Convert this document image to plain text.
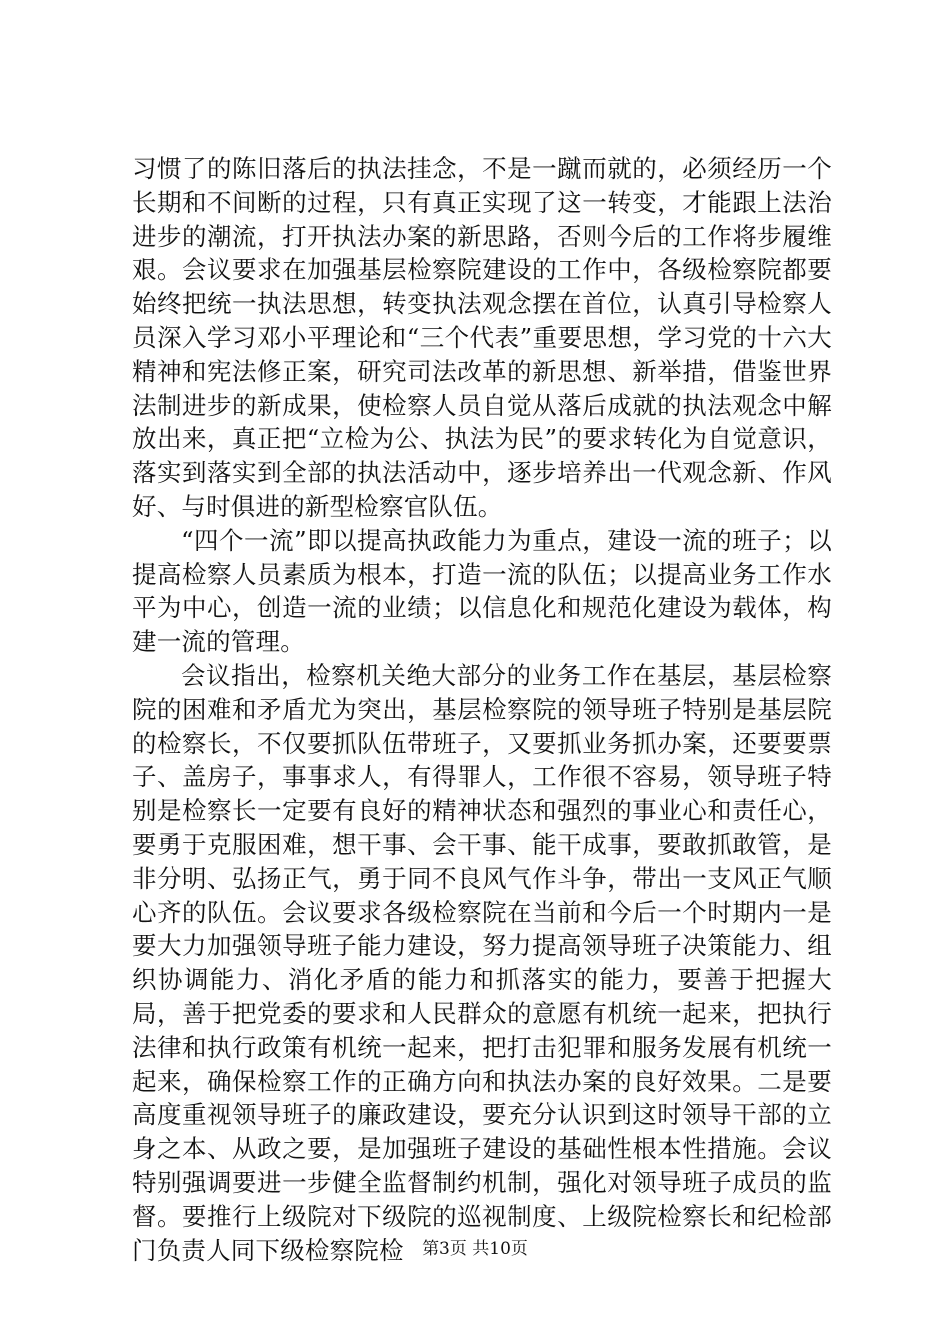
习惯了的陈旧落后的执法挂念，不是一蹴而就的，必须经历一个长期和不间断的过程，只有真正实现了这一转变，才能跟上法治进步的潮流，打开执法办案的新思路，否则今后的工作将步履维艰。会议要求在加强基层检察院建设的工作中，各级检察院都要始终把统一执法思想，转变执法观念摆在首位，认真引导检察人员深入学习邓小平理论和“三个代表”重要思想，学习党的十六大精神和宪法修正案，研究司法改革的新思想、新举措，借鉴世界法制进步的新成果，使检察人员自觉从落后成就的执法观念中解放出来，真正把“立检为公、执法为民”的要求转化为自觉意识，落实到落实到全部的执法活动中，逐步培养出一代观念新、作风好、与时俱进的新型检察官队伍。

“四个一流”即以提高执政能力为重点，建设一流的班子；以提高检察人员素质为根本，打造一流的队伍；以提高业务工作水平为中心，创造一流的业绩；以信息化和规范化建设为载体，构建一流的管理。

会议指出，检察机关绝大部分的业务工作在基层，基层检察院的困难和矛盾尤为突出，基层检察院的领导班子特别是基层院的检察长，不仅要抓队伍带班子，又要抓业务抓办案，还要要票子、盖房子，事事求人，有得罪人，工作很不容易，领导班子特别是检察长一定要有良好的精神状态和强烈的事业心和责任心，要勇于克服困难，想干事、会干事、能干成事，要敢抓敢管，是非分明、弘扬正气，勇于同不良风气作斗争，带出一支风正气顺心齐的队伍。会议要求各级检察院在当前和今后一个时期内一是要大力加强领导班子能力建设，努力提高领导班子决策能力、组织协调能力、消化矛盾的能力和抓落实的能力，要善于把握大局，善于把党委的要求和人民群众的意愿有机统一起来，把执行法律和执行政策有机统一起来，把打击犯罪和服务发展有机统一起来，确保检察工作的正确方向和执法办案的良好效果。二是要高度重视领导班子的廉政建设，要充分认识到这时领导干部的立身之本、从政之要，是加强班子建设的基础性根本性措施。会议特别强调要进一步健全监督制约机制，强化对领导班子成员的监督。要推行上级院对下级院的巡视制度、上级院检察长和纪检部门负责人同下级检察院检	第3页 共10页
